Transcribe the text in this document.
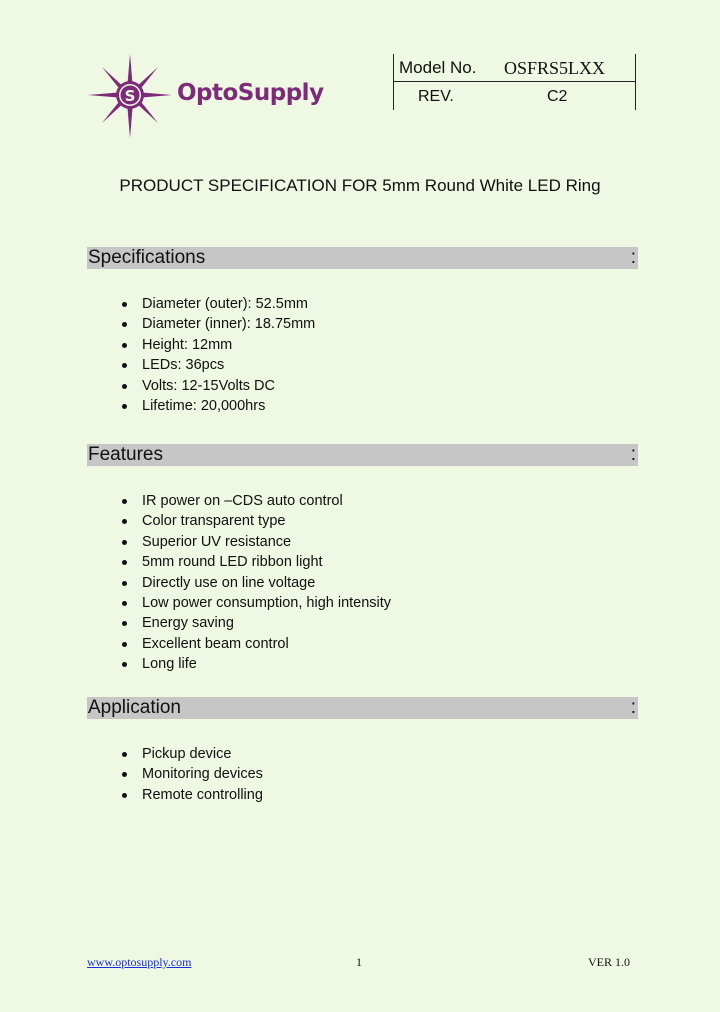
S OptoSupply
Model No. OSFRS5LXX
REV.	C2
PRODUCT SPECIFICATION FOR 5mm Round White LED Ring
Specifications	:
Diameter (outer): 52.5mm
Diameter (inner): 18.75mm
Height: 12mm
LEDs: 36pcs
Volts: 12-15Volts DC
Lifetime: 20,000hrs
Features	:
IR power on –CDS auto control
Color transparent type
Superior UV resistance
5mm round LED ribbon light
Directly use on line voltage
Low power consumption, high intensity
Energy saving
Excellent beam control
Long life
Application	:
Pickup device
Monitoring devices
Remote controlling
www.optosupply.com	1	VER 1.0
